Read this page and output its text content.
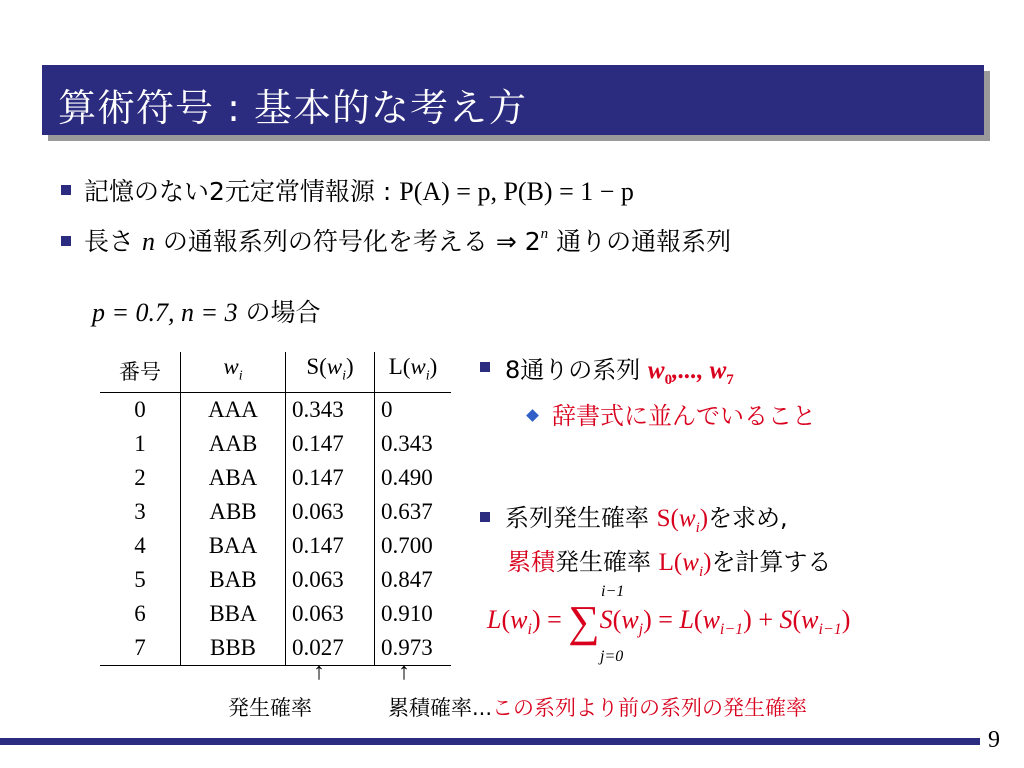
算術符号 : 基本的な考え方
記憶のない2元定常情報源 : P(A) = p, P(B) = 1 − p
長さ n の通報系列の符号化を考える ⇒ 2$^n$ 通りの通報系列
p = 0.7, n = 3 の場合
番号	$w_i$	$S(w_i)$	$L(w_i)$
0	AAA	0.343	0
1	AAB	0.147	0.343
2	ABA	0.147	0.490
3	ABB	0.063	0.637
4	BAA	0.147	0.700
5	BAB	0.063	0.847
6	BBA	0.063	0.910
7	BBB	0.027	0.973
↑	↑
発生確率	累積確率...この系列より前の系列の発生確率
8通りの系列 $w_0$,..., $w_7$
辞書式に並んでいること
系列発生確率 $S(w_i)$を求め,
累積発生確率 $L(w_i)$を計算する
i−1
j=0
$L(w_i) = \sum S(w_j) = L(w_{i-1}) + S(w_{i-1})$
9
